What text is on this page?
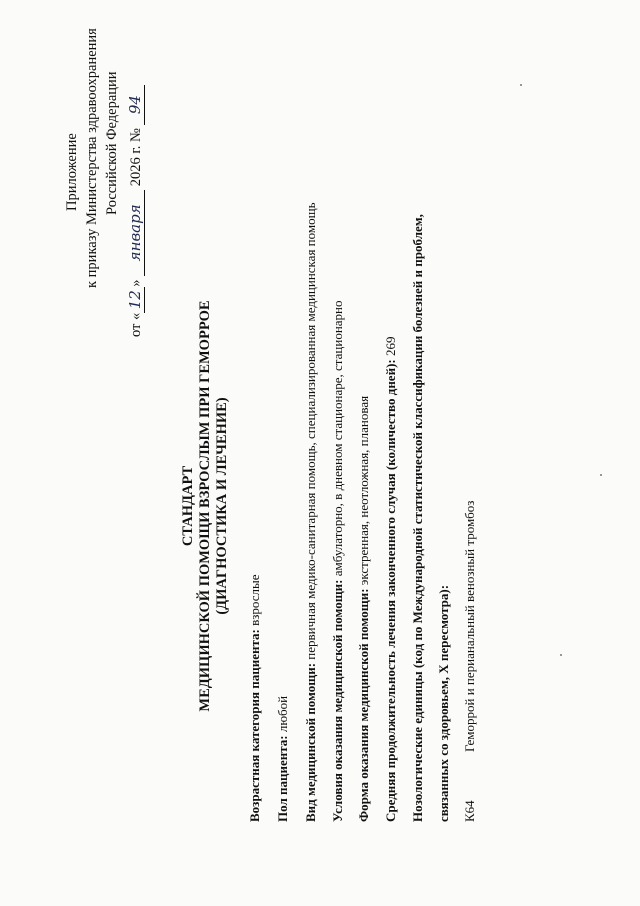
Приложение к приказу Министерства здравоохранения Российской Федерации
от «12» января 2026 г. № 94
СТАНДАРТ МЕДИЦИНСКОЙ ПОМОЩИ ВЗРОСЛЫМ ПРИ ГЕМОРРОЕ (ДИАГНОСТИКА И ЛЕЧЕНИЕ)
Возрастная категория пациента: взрослые
Пол пациента: любой Вид медицинской помощи: первичная медико-санитарная помощь, специализированная медицинская помощь
Условия оказания медицинской помощи: амбулаторно, в дневном стационаре, стационарно
Форма оказания медицинской помощи: экстренная, неотложная, плановая Средняя продолжительность лечения законченного случая (количество дней): 269 Нозологические единицы (код по Международной статистической классификации болезней и проблем, связанных со здоровьем, X пересмотра): К64
Геморрой и перианальный венозный тромбоз
